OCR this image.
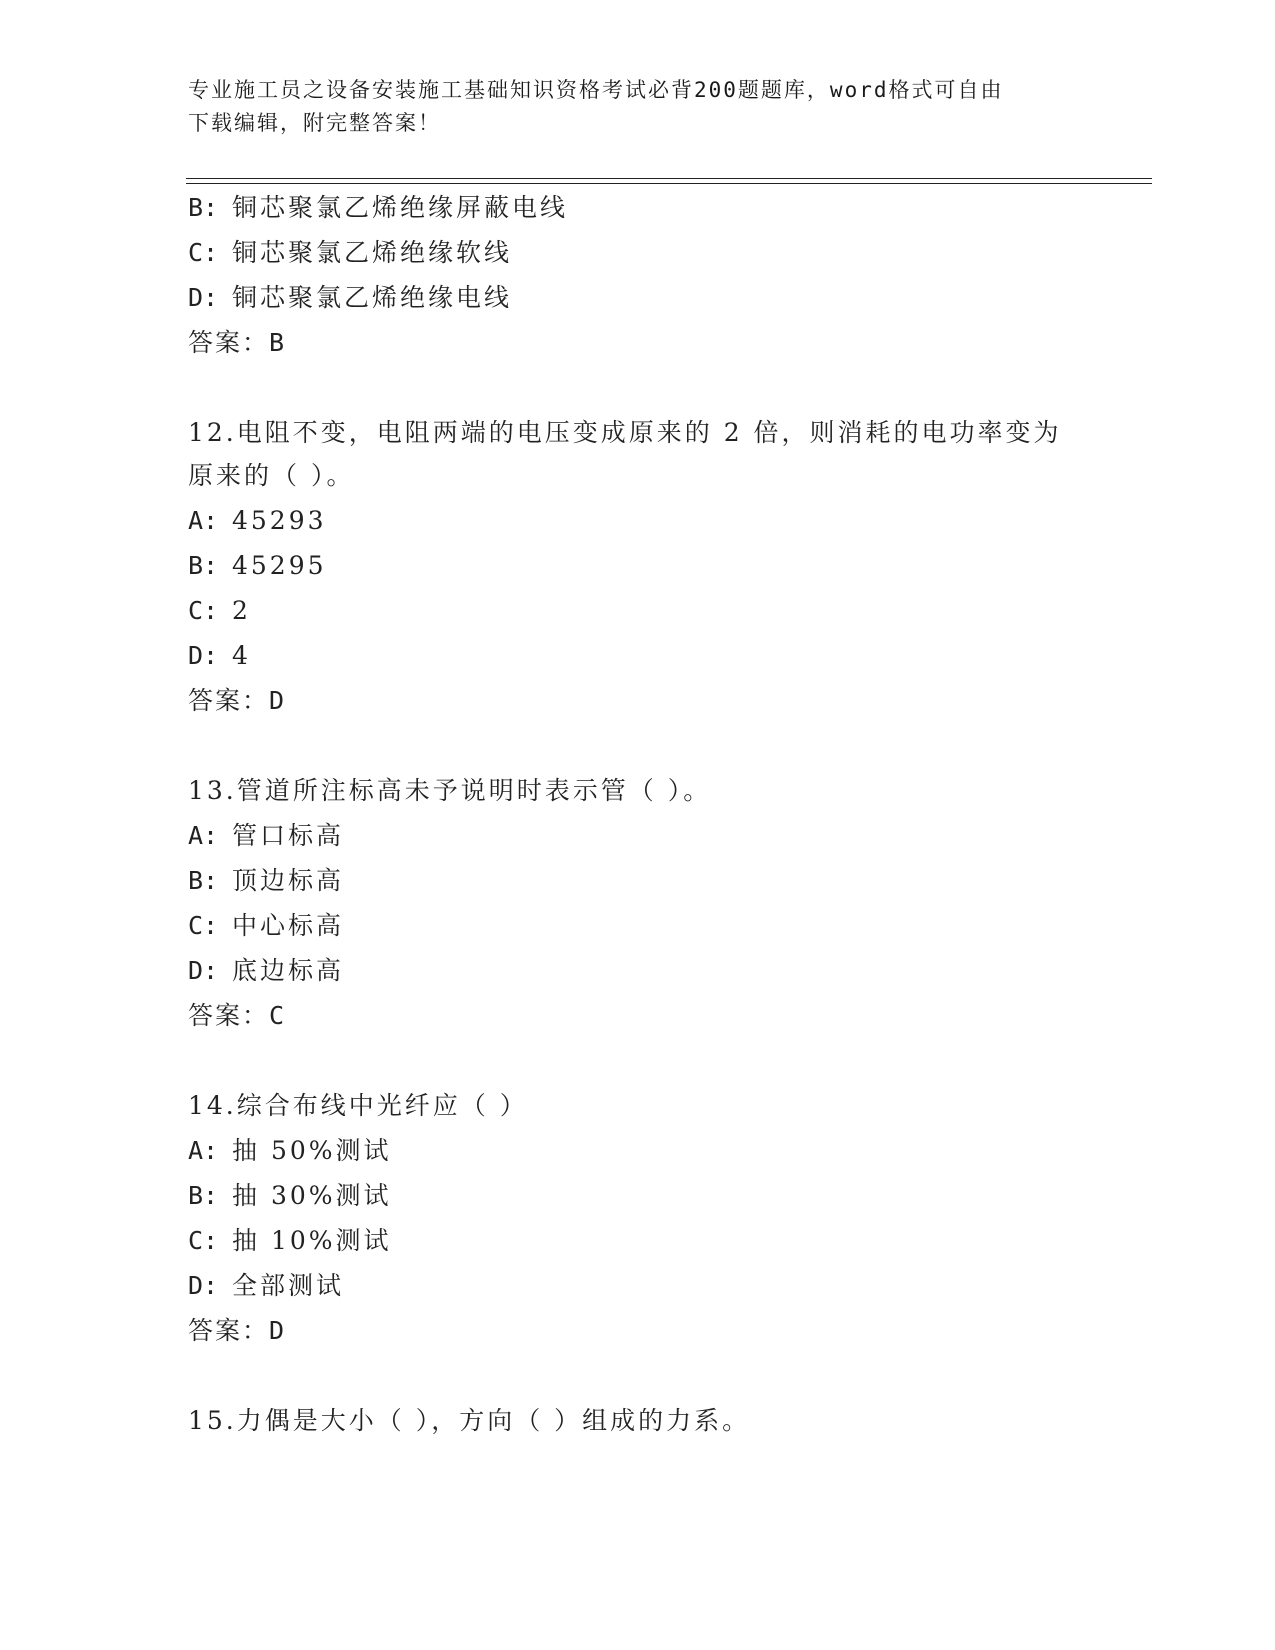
专业施工员之设备安装施工基础知识资格考试必背200题题库，word格式可自由
下载编辑，附完整答案！
B: 铜芯聚氯乙烯绝缘屏蔽电线
C: 铜芯聚氯乙烯绝缘软线
D: 铜芯聚氯乙烯绝缘电线
答案：B
12.电阻不变，电阻两端的电压变成原来的 2 倍，则消耗的电功率变为
原来的（ ）。
A: 45293
B: 45295
C: 2
D: 4
答案：D
13.管道所注标高未予说明时表示管（ ）。
A: 管口标高
B: 顶边标高
C: 中心标高
D: 底边标高
答案：C
14.综合布线中光纤应（ ）
A: 抽 50%测试
B: 抽 30%测试
C: 抽 10%测试
D: 全部测试
答案：D
15.力偶是大小（ ），方向（ ）组成的力系。
